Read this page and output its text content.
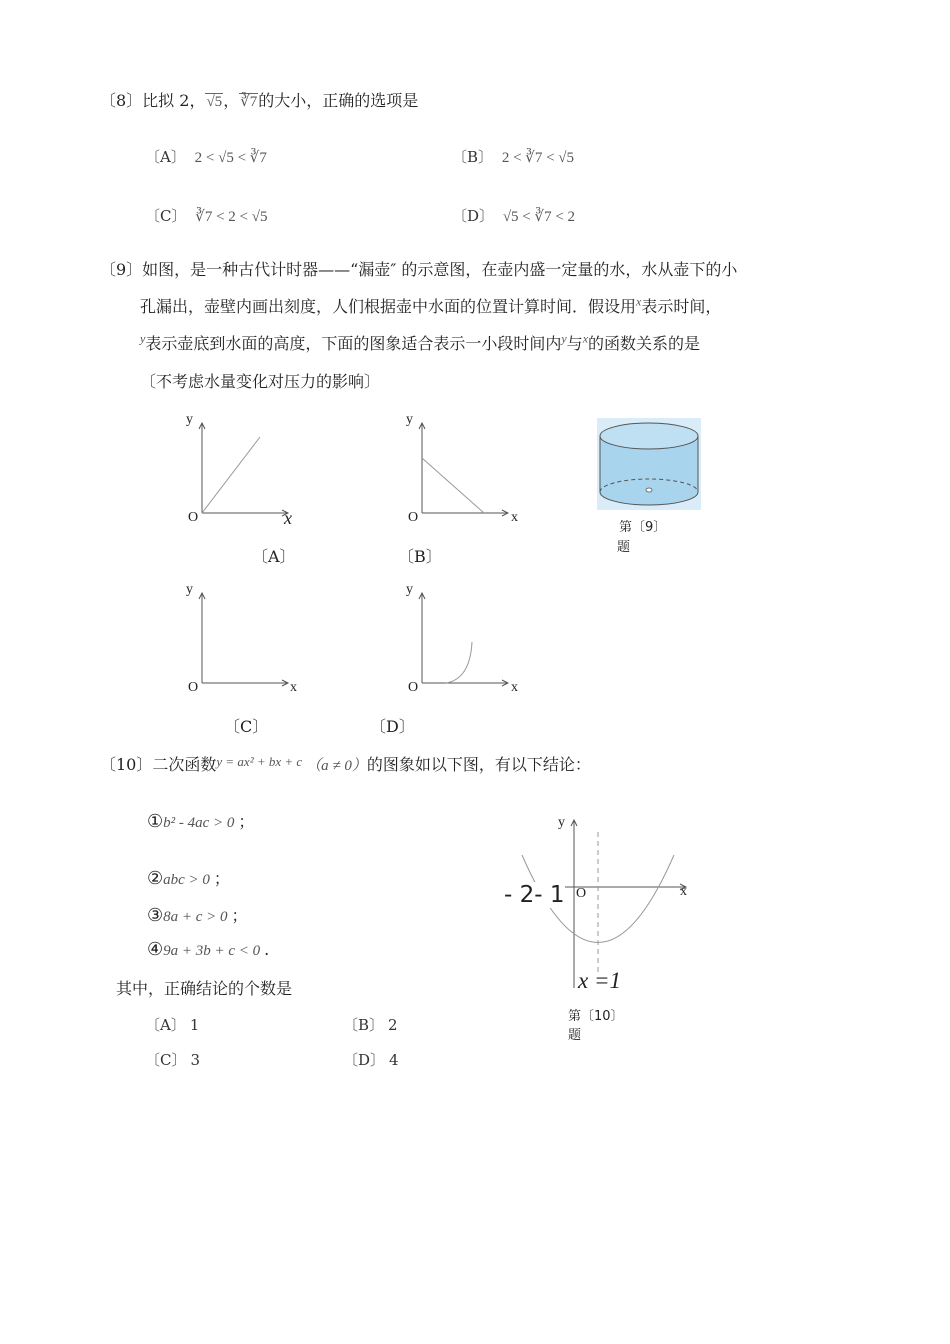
〔8〕比拟 2，√5，∛7的大小，正确的选项是
〔A〕 2 < √5 < ∛7	〔B〕 2 < ∛7 < √5
〔C〕 ∛7 < 2 < √5	〔D〕 √5 < ∛7 < 2
〔9〕如图，是一种古代计时器——“漏壶″ 的示意图，在壶内盛一定量的水，水从壶下的小
孔漏出，壶壁内画出刻度，人们根据壶中水面的位置计算时间．假设用$^x$表示时间，
$^y$表示壶底到水面的高度，下面的图象适合表示一小段时间内$^y$与$^x$的函数关系的是
〔不考虑水量变化对压力的影响〕
y
O	x
〔A〕
y
O	x
〔B〕
第〔9〕
题
y
O	x
〔C〕
y
O	x
〔D〕
〔10〕二次函数$^{y = ax^2 + bx + c}$ （a ≠ 0）的图象如以下图，有以下结论：
①b² - 4ac > 0 ；
②abc > 0 ；
③8a + c > 0 ；
④9a + 3b + c < 0 .
其中，正确结论的个数是
〔A〕 1	〔B〕 2
〔C〕 3	〔D〕 4
y
O	x
- 2- 1
x =1
第〔10〕
题
